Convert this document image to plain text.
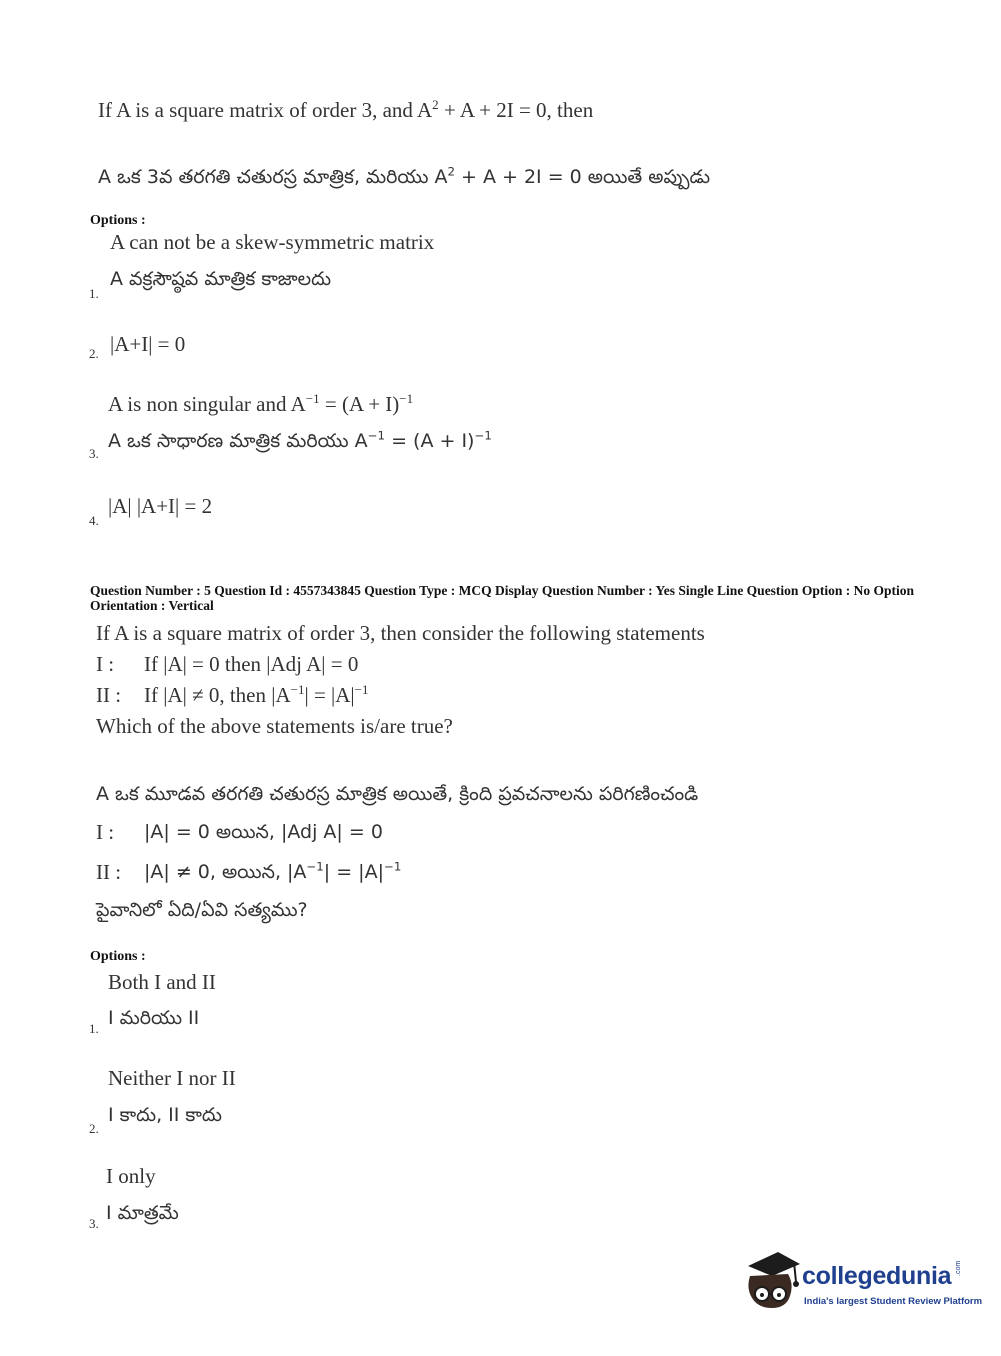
If A is a square matrix of order 3, and $A^2 + A + 2I = 0$, then
A ఒక 3వ తరగతి చతురస్ర మాత్రిక, మరియు $A^2 + A + 2I = 0$ అయితే అప్పుడు
Options :
A can not be a skew-symmetric matrix
A వక్రసౌష్ఠవ మాత్రిక కాజాలదు
1.
|A+I| = 0
2.
A is non singular and $A^{-1} = (A + I)^{-1}$
A ఒక సాధారణ మాత్రిక మరియు $A^{-1} = (A + I)^{-1}$
3.
|A| |A+I| = 2
4.
Question Number : 5 Question Id : 4557343845 Question Type : MCQ Display Question Number : Yes Single Line Question Option : No Option Orientation : Vertical
If A is a square matrix of order 3, then consider the following statements
I : If |A| = 0 then |Adj A| = 0
II : If |A| ≠ 0, then $|A^{-1}| = |A|^{-1}$
Which of the above statements is/are true?
A ఒక మూడవ తరగతి చతురస్ర మాత్రిక అయితే, క్రింది ప్రవచనాలను పరిగణించండి
I : |A| = 0 అయిన, |Adj A| = 0
II : |A| ≠ 0, అయిన, $|A^{-1}| = |A|^{-1}$
పైవానిలో ఏది/ఏవి సత్యము?
Options :
Both I and II
I మరియు II
1.
Neither I nor II
I కాదు, II కాదు
2.
I only
I మాత్రమే
3.
collegedunia .com
India's largest Student Review Platform
